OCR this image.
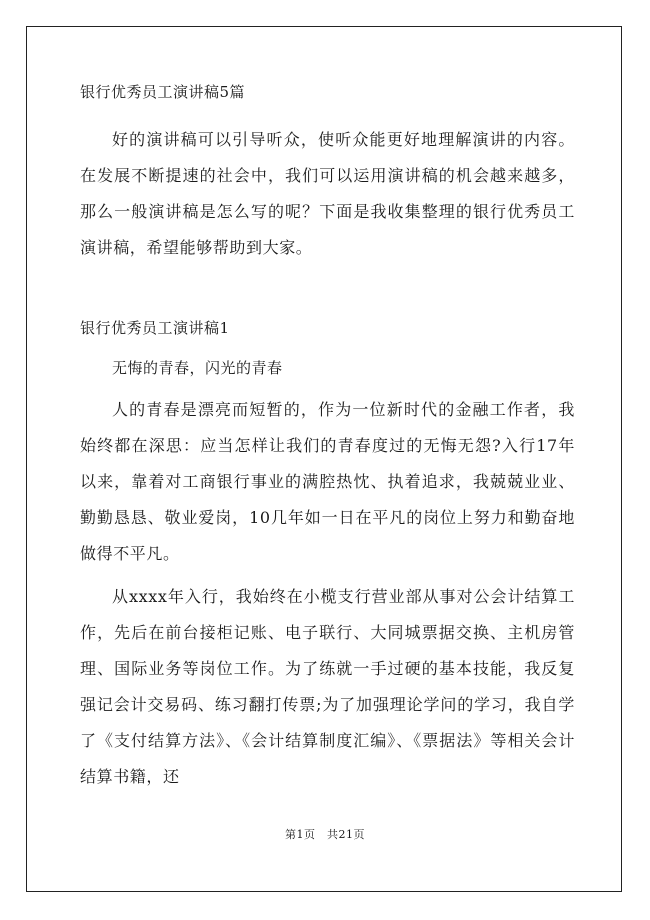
银行优秀员工演讲稿5篇

好的演讲稿可以引导听众，使听众能更好地理解演讲的内容。在发展不断提速的社会中，我们可以运用演讲稿的机会越来越多，那么一般演讲稿是怎么写的呢？下面是我收集整理的银行优秀员工演讲稿，希望能够帮助到大家。

银行优秀员工演讲稿1

无悔的青春，闪光的青春

人的青春是漂亮而短暂的，作为一位新时代的金融工作者，我始终都在深思：应当怎样让我们的青春度过的无悔无怨?入行17年以来，靠着对工商银行事业的满腔热忱、执着追求，我兢兢业业、勤勤恳恳、敬业爱岗，10几年如一日在平凡的岗位上努力和勤奋地做得不平凡。

从xxxx年入行，我始终在小榄支行营业部从事对公会计结算工作，先后在前台接柜记账、电子联行、大同城票据交换、主机房管理、国际业务等岗位工作。为了练就一手过硬的基本技能，我反复强记会计交易码、练习翻打传票;为了加强理论学问的学习，我自学了《支付结算方法》、《会计结算制度汇编》、《票据法》等相关会计结算书籍，还

第1页　共21页
